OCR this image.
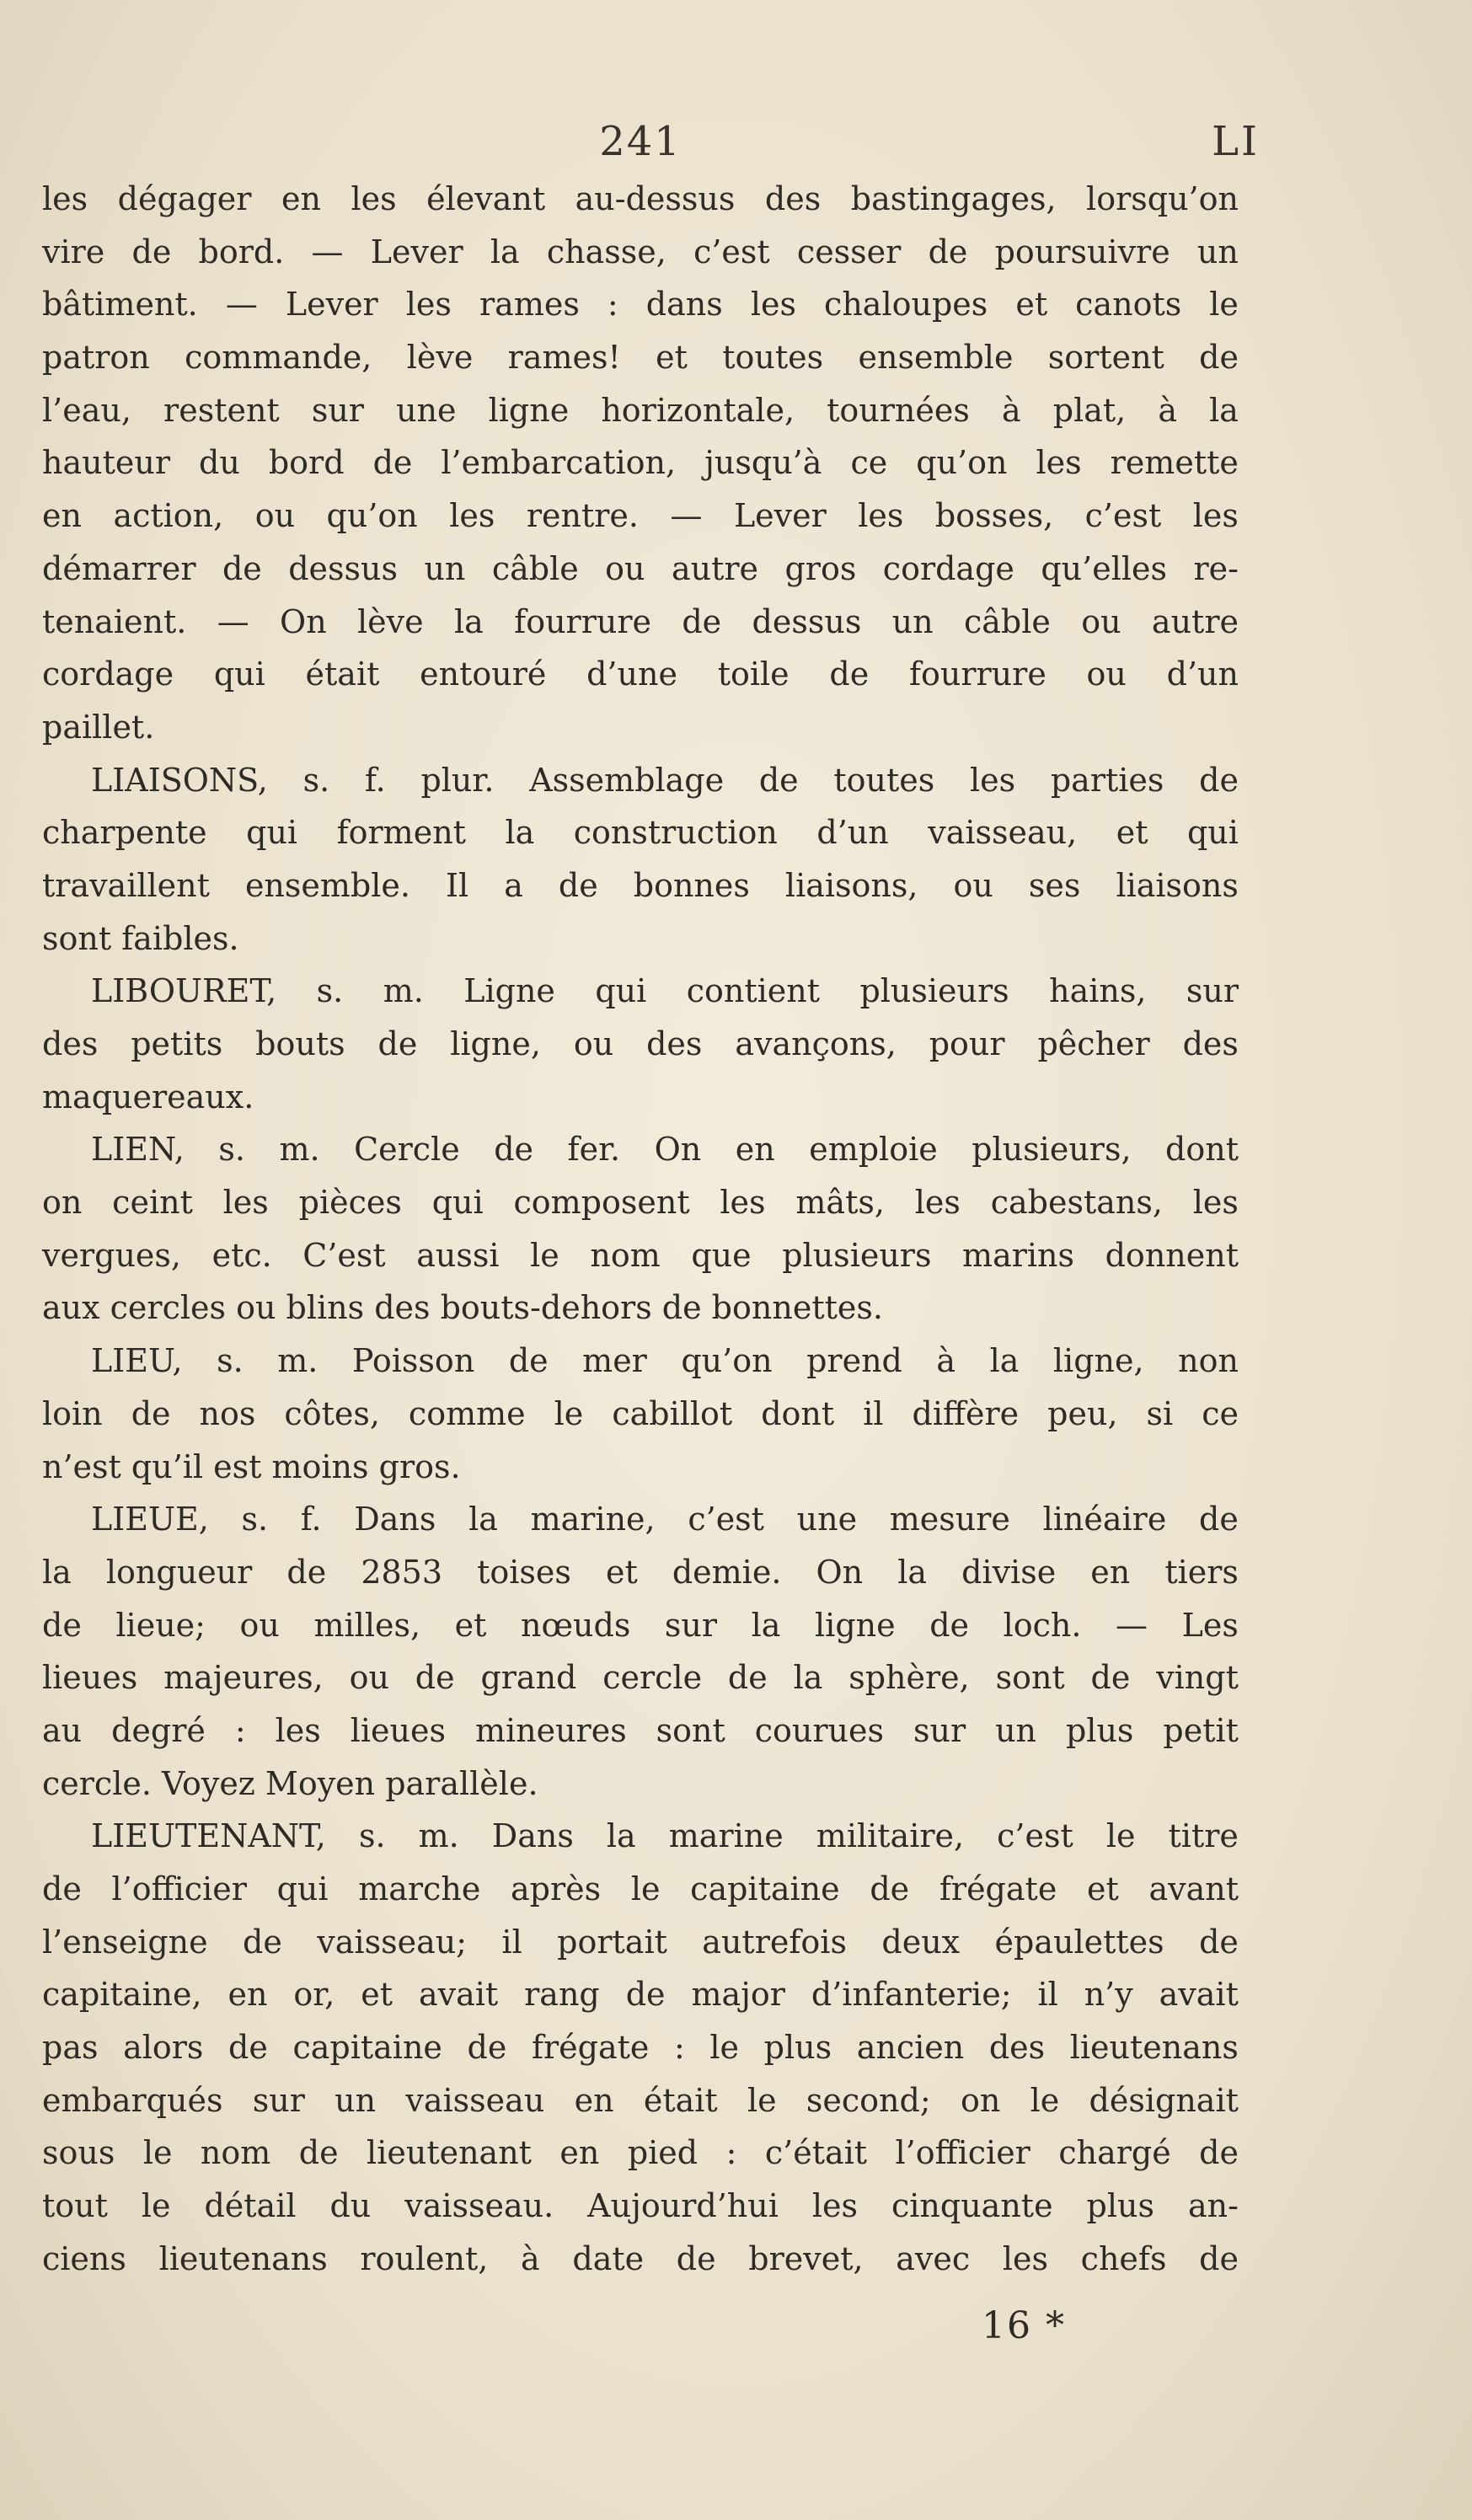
241	LI
les dégager en les élevant au-dessus des bastingages, lorsqu’on
vire de bord. — Lever la chasse, c’est cesser de poursuivre un
bâtiment. — Lever les rames : dans les chaloupes et canots le
patron commande, lève rames! et toutes ensemble sortent de
l’eau, restent sur une ligne horizontale, tournées à plat, à la
hauteur du bord de l’embarcation, jusqu’à ce qu’on les remette
en action, ou qu’on les rentre. — Lever les bosses, c’est les
démarrer de dessus un câble ou autre gros cordage qu’elles re-
tenaient. — On lève la fourrure de dessus un câble ou autre
cordage qui était entouré d’une toile de fourrure ou d’un
paillet.
LIAISONS, s. f. plur. Assemblage de toutes les parties de
charpente qui forment la construction d’un vaisseau, et qui
travaillent ensemble. Il a de bonnes liaisons, ou ses liaisons
sont faibles.
LIBOURET, s. m. Ligne qui contient plusieurs hains, sur
des petits bouts de ligne, ou des avançons, pour pêcher des
maquereaux.
LIEN, s. m. Cercle de fer. On en emploie plusieurs, dont
on ceint les pièces qui composent les mâts, les cabestans, les
vergues, etc. C’est aussi le nom que plusieurs marins donnent
aux cercles ou blins des bouts-dehors de bonnettes.
LIEU, s. m. Poisson de mer qu’on prend à la ligne, non
loin de nos côtes, comme le cabillot dont il diffère peu, si ce
n’est qu’il est moins gros.
LIEUE, s. f. Dans la marine, c’est une mesure linéaire de
la longueur de 2853 toises et demie. On la divise en tiers
de lieue; ou milles, et nœuds sur la ligne de loch. — Les
lieues majeures, ou de grand cercle de la sphère, sont de vingt
au degré : les lieues mineures sont courues sur un plus petit
cercle. Voyez Moyen parallèle.
LIEUTENANT, s. m. Dans la marine militaire, c’est le titre
de l’officier qui marche après le capitaine de frégate et avant
l’enseigne de vaisseau; il portait autrefois deux épaulettes de
capitaine, en or, et avait rang de major d’infanterie; il n’y avait
pas alors de capitaine de frégate : le plus ancien des lieutenans
embarqués sur un vaisseau en était le second; on le désignait
sous le nom de lieutenant en pied : c’était l’officier chargé de
tout le détail du vaisseau. Aujourd’hui les cinquante plus an-
ciens lieutenans roulent, à date de brevet, avec les chefs de
16 *
